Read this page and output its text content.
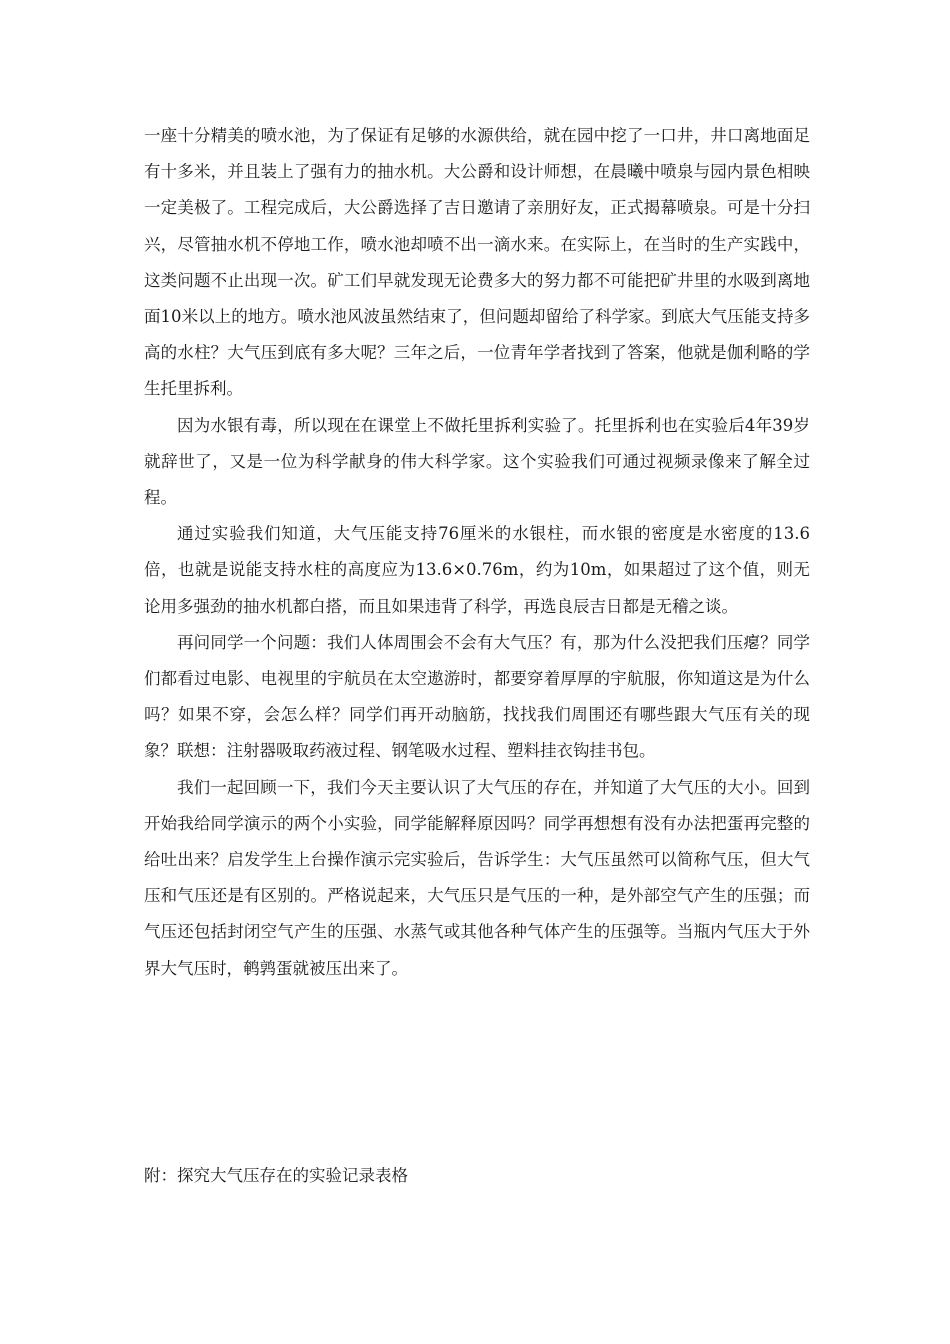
一座十分精美的喷水池，为了保证有足够的水源供给，就在园中挖了一口井，井口离地面足有十多米，并且装上了强有力的抽水机。大公爵和设计师想，在晨曦中喷泉与园内景色相映一定美极了。工程完成后，大公爵选择了吉日邀请了亲朋好友，正式揭幕喷泉。可是十分扫兴，尽管抽水机不停地工作，喷水池却喷不出一滴水来。在实际上，在当时的生产实践中，这类问题不止出现一次。矿工们早就发现无论费多大的努力都不可能把矿井里的水吸到离地面10米以上的地方。喷水池风波虽然结束了，但问题却留给了科学家。到底大气压能支持多高的水柱？大气压到底有多大呢？三年之后，一位青年学者找到了答案，他就是伽利略的学生托里拆利。

因为水银有毒，所以现在在课堂上不做托里拆利实验了。托里拆利也在实验后4年39岁就辞世了，又是一位为科学献身的伟大科学家。这个实验我们可通过视频录像来了解全过程。

通过实验我们知道，大气压能支持76厘米的水银柱，而水银的密度是水密度的13.6倍，也就是说能支持水柱的高度应为13.6×0.76m，约为10m，如果超过了这个值，则无论用多强劲的抽水机都白搭，而且如果违背了科学，再选良辰吉日都是无稽之谈。

再问同学一个问题：我们人体周围会不会有大气压？有，那为什么没把我们压瘪？同学们都看过电影、电视里的宇航员在太空遨游时，都要穿着厚厚的宇航服，你知道这是为什么吗？如果不穿，会怎么样？同学们再开动脑筋，找找我们周围还有哪些跟大气压有关的现象？联想：注射器吸取药液过程、钢笔吸水过程、塑料挂衣钩挂书包。

我们一起回顾一下，我们今天主要认识了大气压的存在，并知道了大气压的大小。回到开始我给同学演示的两个小实验，同学能解释原因吗？同学再想想有没有办法把蛋再完整的给吐出来？启发学生上台操作演示完实验后，告诉学生：大气压虽然可以简称气压，但大气压和气压还是有区别的。严格说起来，大气压只是气压的一种，是外部空气产生的压强；而气压还包括封闭空气产生的压强、水蒸气或其他各种气体产生的压强等。当瓶内气压大于外界大气压时，鹌鹑蛋就被压出来了。

附：探究大气压存在的实验记录表格
